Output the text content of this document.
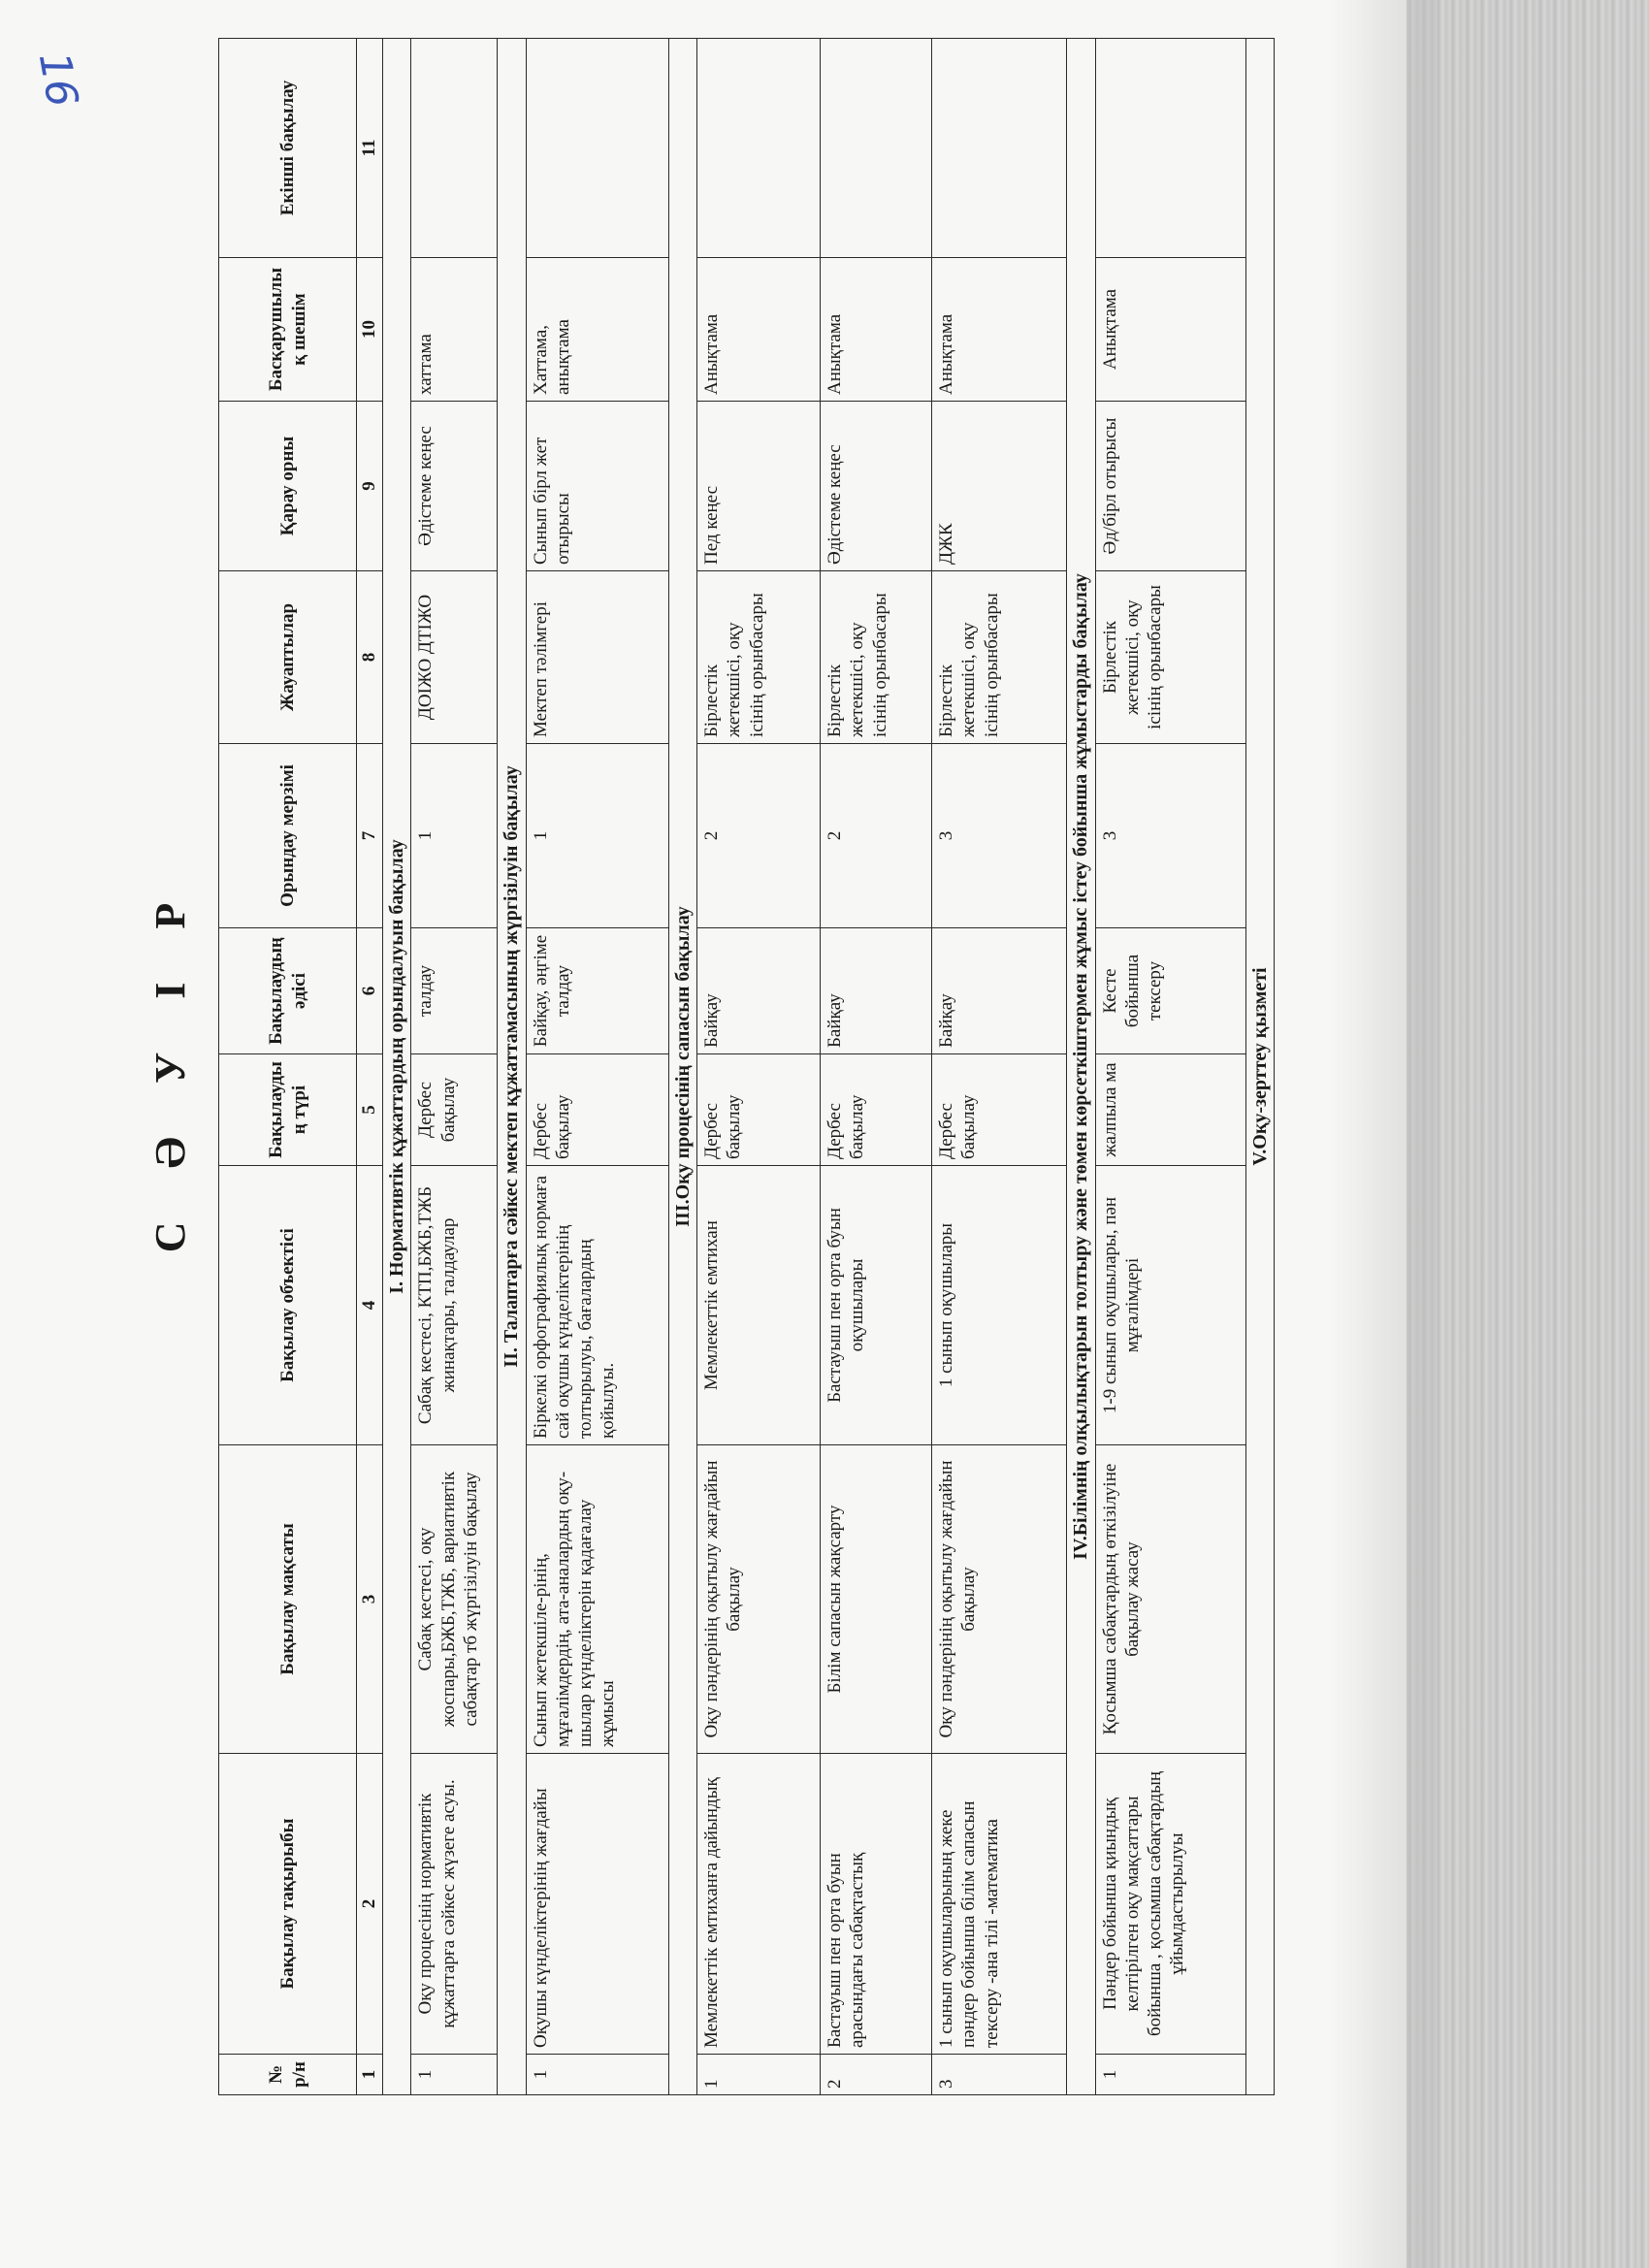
16
С Ә У І Р
№ р/н	Бақылау тақырыбы	Бақылау мақсаты	Бақылау объектісі	Бақылаудың түрі	Бақылаудың әдісі	Орындау мерзімі	Жауаптылар	Қарау орны	Басқарушылық шешім	Екінші бақылау
1	2	3	4	5	6	7	8	9	10	11
І. Нормативтік құжаттардың орындалуын бақылау										
1	Оқу процесінің нормативтік құжаттарға сәйкес жүзеге асуы.	Сабақ кестесі, оқу жоспары,БЖБ,ТЖБ, вариативтік сабақтар тб жүргізілуін бақылау	Сабақ кестесі, КТП,БЖБ,ТЖБ жинақтары, талдаулар	Дербес бақылау	талдау	1	ДОІЖО ДТІЖО	Әдістеме кеңес	хаттама	
ІІ. Талаптарға сәйкес мектеп құжаттамасының жүргізілуін бақылау										
1	Оқушы күнделіктерінің жағдайы	Сынып жетекшіле-рінің, мұғалімдердің, ата-аналардың оқу-шылар күнделіктерін қадағалау жұмысы	Біркелкі орфографиялық нормаға сай оқушы күнделіктерінің толтырылуы, бағалардың қойылуы.	Дербес бақылау	Байқау, әңгіме талдау	1	Мектеп тәлімгері	Сынып бірл жет отырысы	Хаттама, анықтама	
ІІІ.Оқу процесінің сапасын бақылау										
1	Мемлекеттік емтиханға дайындық	Оқу пәндерінің оқытылу жағдайын бақылау	Мемлекеттік емтихан	Дербес бақылау	Байқау	2	Бірлестік жетекшісі, оқу ісінің орынбасары	Пед кеңес	Анықтама	
2	Бастауыш пен орта буын арасындағы сабақтастық	Білім сапасын жақсарту	Бастауыш пен орта буын оқушылары	Дербес бақылау	Байқау	2	Бірлестік жетекшісі, оқу ісінің орынбасары	Әдістеме кеңес	Анықтама	
3	1 сынып оқушыларының жеке пәндер бойынша білім сапасын тексеру -ана тілі -математика	Оқу пәндерінің оқытылу жағдайын бақылау	1 сынып оқушылары	Дербес бақылау	Байқау	3	Бірлестік жетекшісі, оқу ісінің орынбасары	ДЖК	Анықтама	
IV.Білімнің олқылықтарын толтыру және төмен көрсеткіштермен жұмыс істеу бойынша жұмыстарды бақылау										
1	Пәндер бойынша қиындық келтірілген оқу мақсаттары бойынша , қосымша сабақтардың ұйымдастырылуы	Қосымша сабақтардың өткізілуіне бақылау жасау	1-9 сынып оқушылары, пән мұғалімдері	жалпыла ма	Кесте бойынша тексеру	3	Бірлестік жетекшісі, оқу ісінің орынбасары	Әд/бірл отырысы	Анықтама	
V.Оқу-зерттеу қызметі										
